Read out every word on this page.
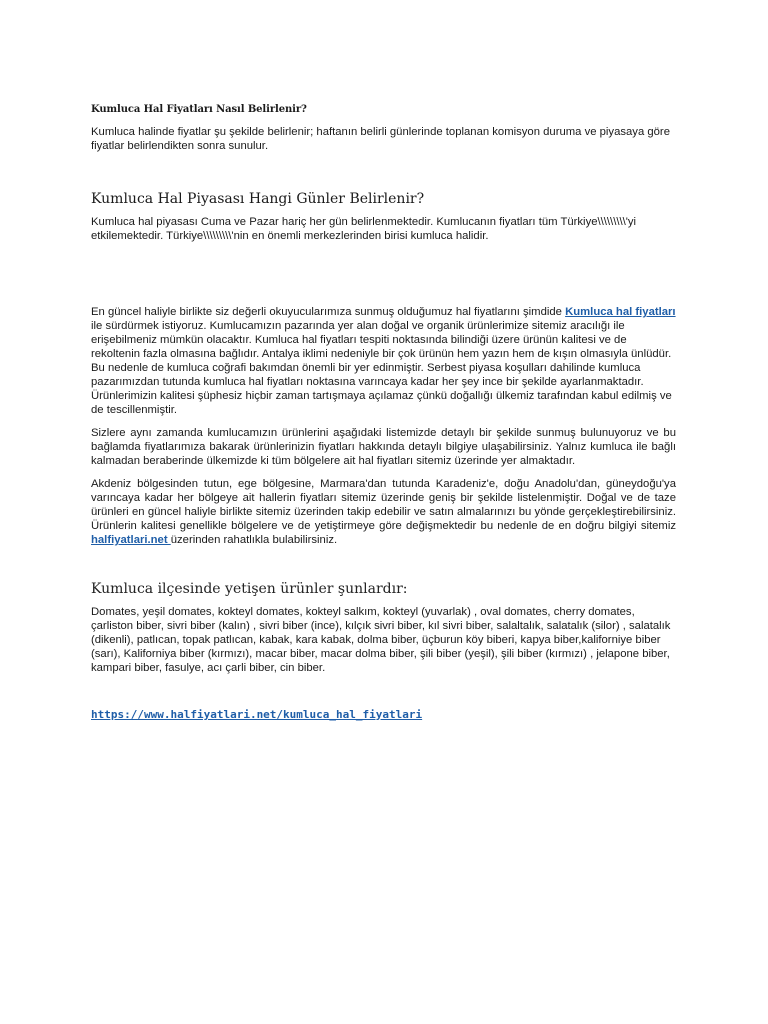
Kumluca Hal Fiyatları Nasıl Belirlenir?

Kumluca halinde fiyatlar şu şekilde belirlenir; haftanın belirli günlerinde toplanan komisyon duruma ve piyasaya göre fiyatlar belirlendikten sonra sunulur.

Kumluca Hal Piyasası Hangi Günler Belirlenir?

Kumluca hal piyasası Cuma ve Pazar hariç her gün belirlenmektedir. Kumlucanın fiyatları tüm Türkiye\\\\\\\\\'yi etkilemektedir. Türkiye\\\\\\\\\'nin en önemli merkezlerinden birisi kumluca halidir.

En güncel haliyle birlikte siz değerli okuyucularımıza sunmuş olduğumuz hal fiyatlarını şimdide Kumluca hal fiyatları ile sürdürmek istiyoruz. Kumlucamızın pazarında yer alan doğal ve organik ürünlerimize sitemiz aracılığı ile erişebilmeniz mümkün olacaktır. Kumluca hal fiyatları tespiti noktasında bilindiği üzere ürünün kalitesi ve de rekoltenin fazla olmasına bağlıdır. Antalya iklimi nedeniyle bir çok ürünün hem yazın hem de kışın olmasıyla ünlüdür. Bu nedenle de kumluca coğrafi bakımdan önemli bir yer edinmiştir. Serbest piyasa koşulları dahilinde kumluca pazarımızdan tutunda kumluca hal fiyatları noktasına varıncaya kadar her şey ince bir şekilde ayarlanmaktadır. Ürünlerimizin kalitesi şüphesiz hiçbir zaman tartışmaya açılamaz çünkü doğallığı ülkemiz tarafından kabul edilmiş ve de tescillenmiştir.

Sizlere aynı zamanda kumlucamızın ürünlerini aşağıdaki listemizde detaylı bir şekilde sunmuş bulunuyoruz ve bu bağlamda fiyatlarımıza bakarak ürünlerinizin fiyatları hakkında detaylı bilgiye ulaşabilirsiniz. Yalnız kumluca ile bağlı kalmadan beraberinde ülkemizde ki tüm bölgelere ait hal fiyatları sitemiz üzerinde yer almaktadır.

Akdeniz bölgesinden tutun, ege bölgesine, Marmara'dan tutunda Karadeniz'e, doğu Anadolu'dan, güneydoğu'ya varıncaya kadar her bölgeye ait hallerin fiyatları sitemiz üzerinde geniş bir şekilde listelenmiştir. Doğal ve de taze ürünleri en güncel haliyle birlikte sitemiz üzerinden takip edebilir ve satın almalarınızı bu yönde gerçekleştirebilirsiniz. Ürünlerin kalitesi genellikle bölgelere ve de yetiştirmeye göre değişmektedir bu nedenle de en doğru bilgiyi sitemiz halfiyatlari.net üzerinden rahatlıkla bulabilirsiniz.

Kumluca ilçesinde yetişen ürünler şunlardır:

Domates, yeşil domates, kokteyl domates, kokteyl salkım, kokteyl (yuvarlak) , oval domates, cherry domates, çarliston biber, sivri biber (kalın) , sivri biber (ince), kılçık sivri biber, kıl sivri biber, salaltalık, salatalık (silor) , salatalık (dikenli), patlıcan, topak patlıcan, kabak, kara kabak, dolma biber, üçburun köy biberi, kapya biber,kaliforniye biber (sarı), Kaliforniya biber (kırmızı), macar biber, macar dolma biber, şili biber (yeşil), şili biber (kırmızı) , jelapone biber, kampari biber, fasulye, acı çarli biber, cin biber.

https://www.halfiyatlari.net/kumluca_hal_fiyatlari
